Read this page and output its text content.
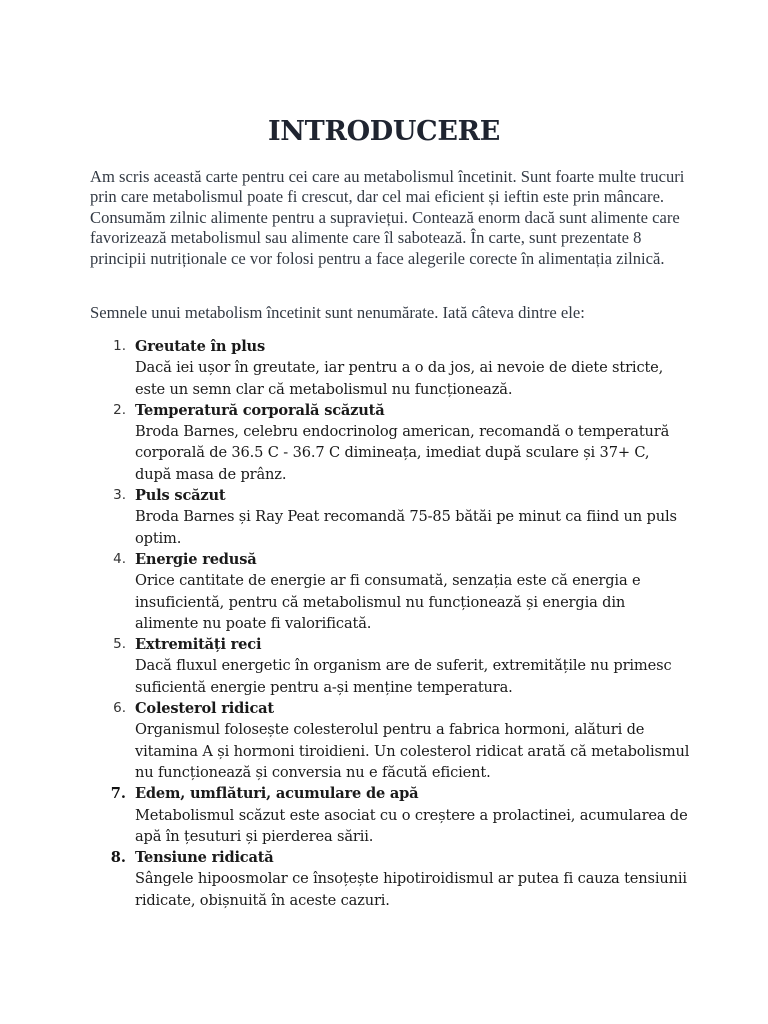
INTRODUCERE

Am scris această carte pentru cei care au metabolismul încetinit. Sunt foarte multe trucuri prin care metabolismul poate fi crescut, dar cel mai eficient și ieftin este prin mâncare. Consumăm zilnic alimente pentru a supraviețui. Contează enorm dacă sunt alimente care favorizează metabolismul sau alimente care îl sabotează. În carte, sunt prezentate 8 principii nutriționale ce vor folosi pentru a face alegerile corecte în alimentația zilnică.

Semnele unui metabolism încetinit sunt nenumărate. Iată câteva dintre ele:

1. Greutate în plus
Dacă iei ușor în greutate, iar pentru a o da jos, ai nevoie de diete stricte, este un semn clar că metabolismul nu funcționează.
2. Temperatură corporală scăzută
Broda Barnes, celebru endocrinolog american, recomandă o temperatură corporală de 36.5 C - 36.7 C dimineața, imediat după sculare și 37+ C, după masa de prânz.
3. Puls scăzut
Broda Barnes și Ray Peat recomandă 75-85 bătăi pe minut ca fiind un puls optim.
4. Energie redusă
Orice cantitate de energie ar fi consumată, senzația este că energia e insuficientă, pentru că metabolismul nu funcționează și energia din alimente nu poate fi valorificată.
5. Extremități reci
Dacă fluxul energetic în organism are de suferit, extremitățile nu primesc suficientă energie pentru a-și menține temperatura.
6. Colesterol ridicat
Organismul folosește colesterolul pentru a fabrica hormoni, alături de vitamina A și hormoni tiroidieni. Un colesterol ridicat arată că metabolismul nu funcționează și conversia nu e făcută eficient.
7. Edem, umflături, acumulare de apă
Metabolismul scăzut este asociat cu o creștere a prolactinei, acumularea de apă în țesuturi și pierderea sării.
8. Tensiune ridicată
Sângele hipoosmolar ce însoțește hipotiroidismul ar putea fi cauza tensiunii ridicate, obișnuită în aceste cazuri.
